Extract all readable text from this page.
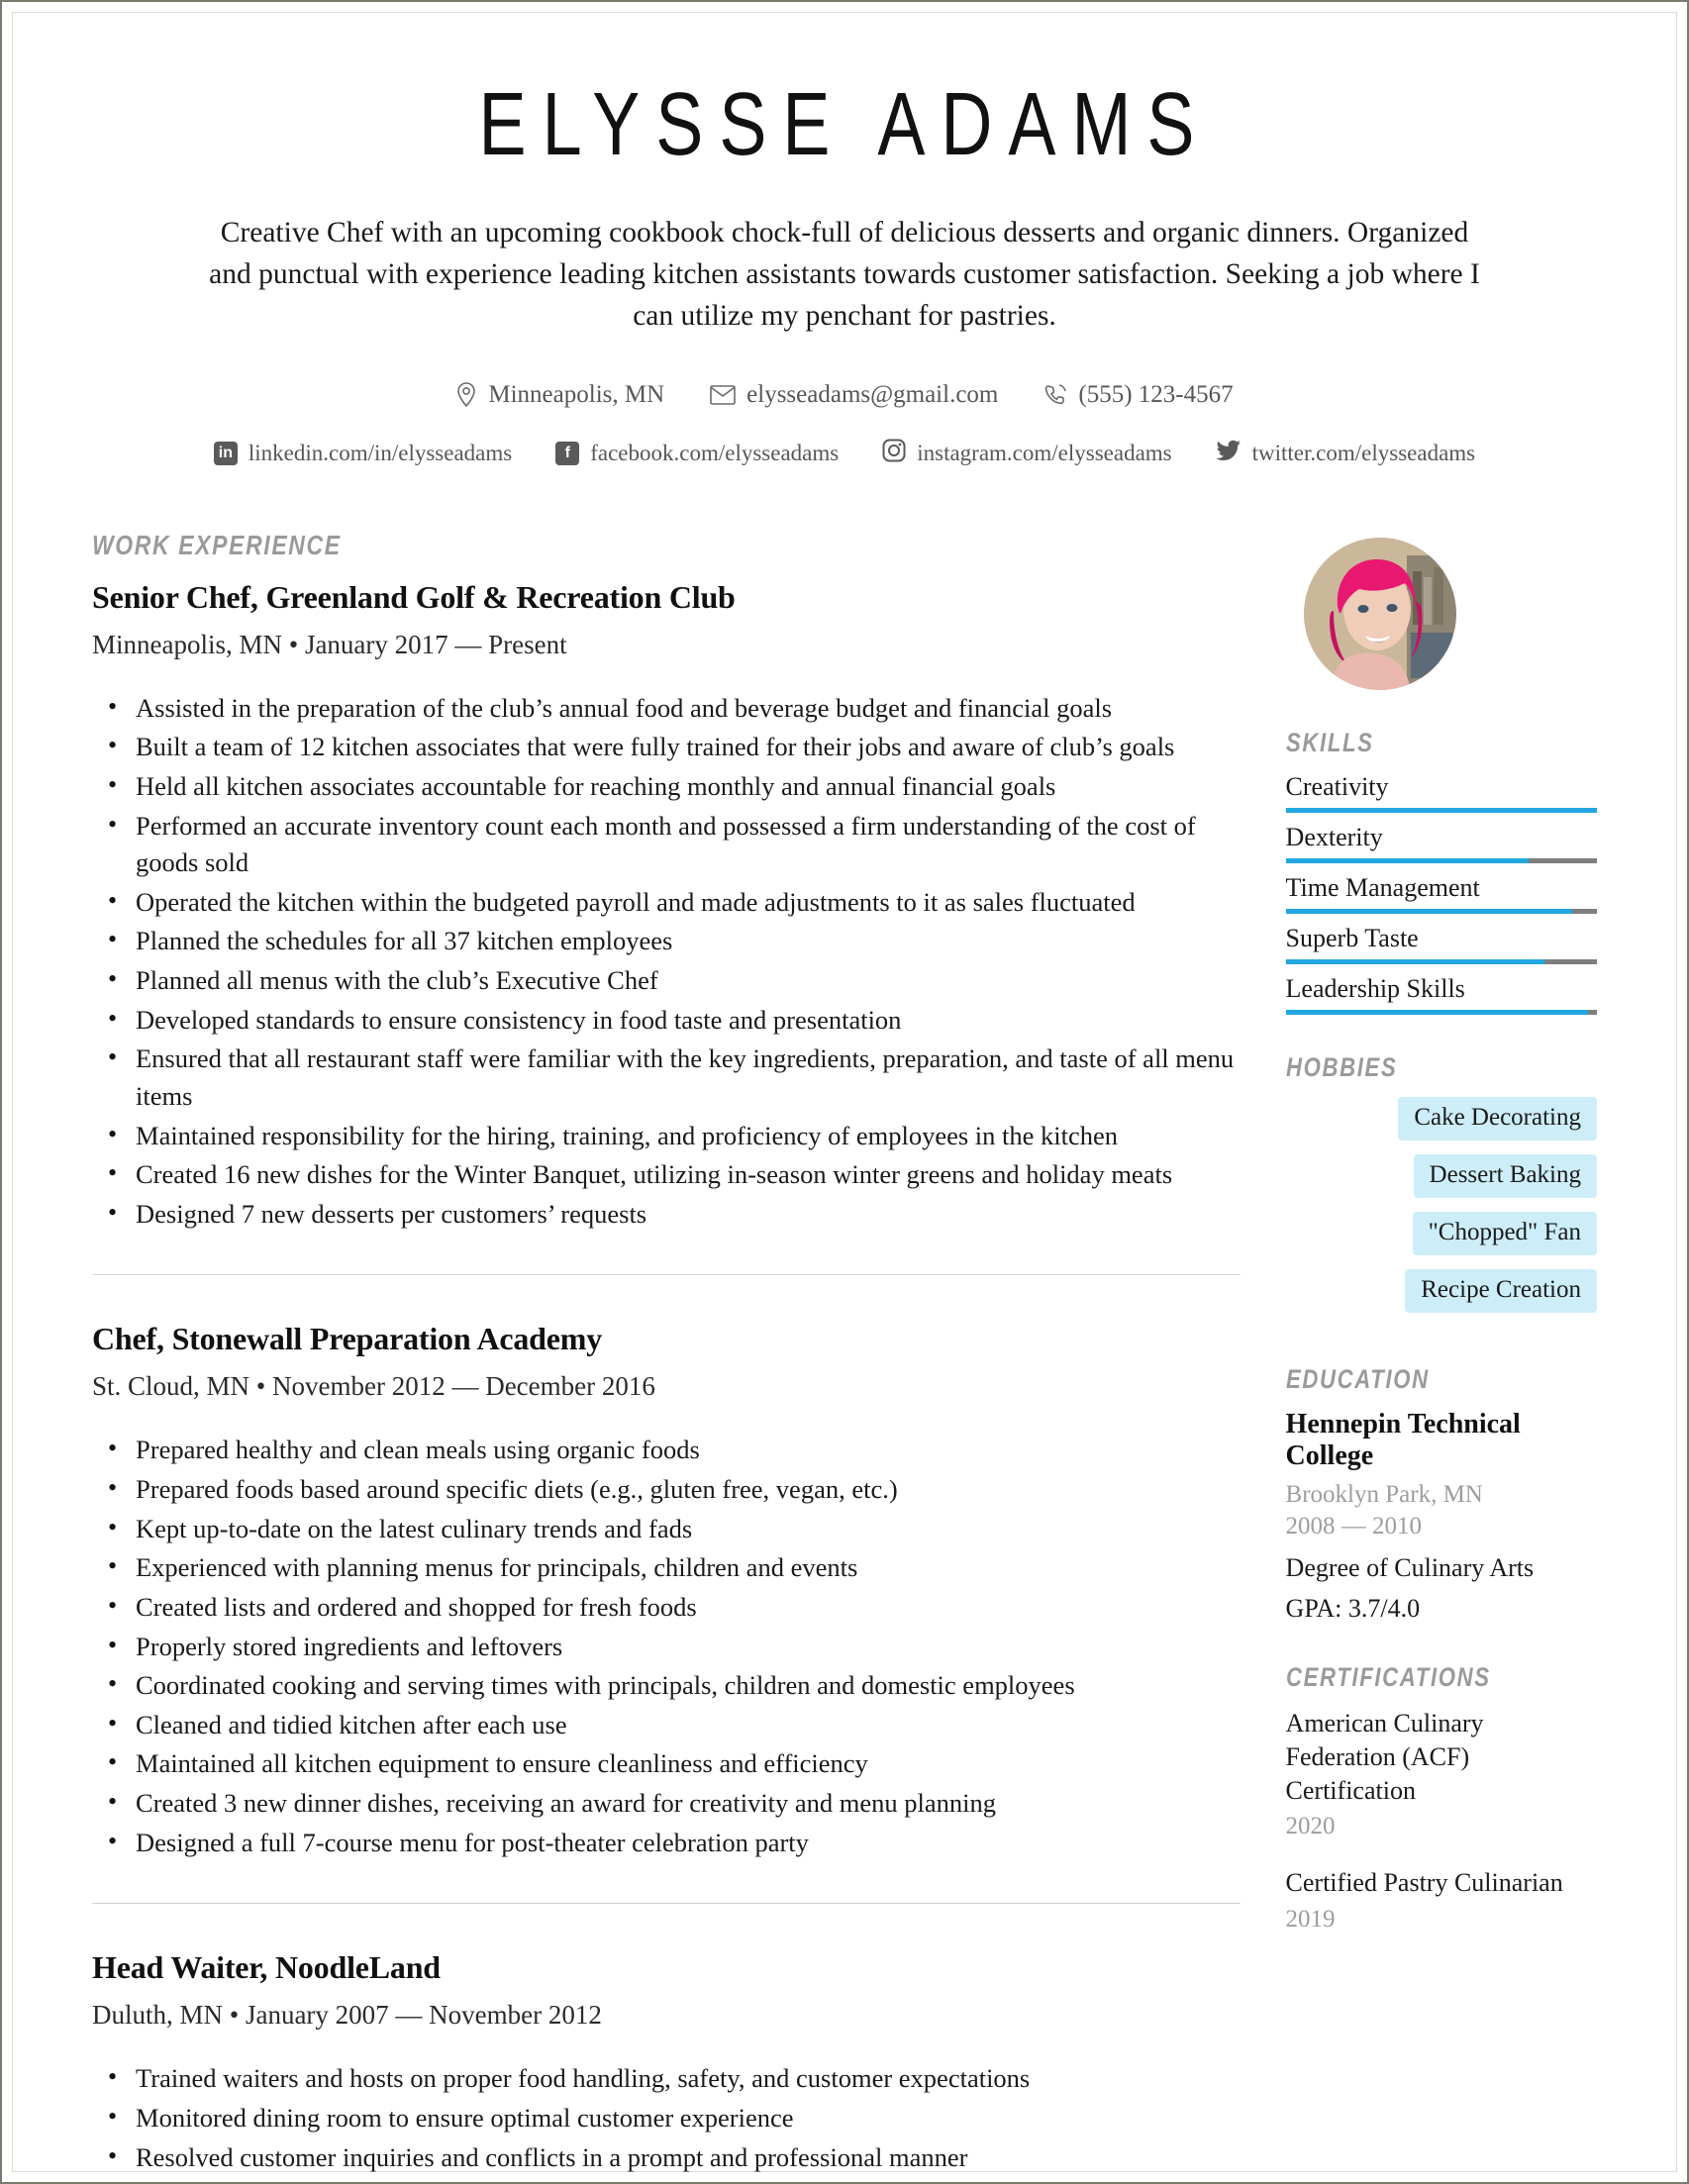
ELYSSE ADAMS
Creative Chef with an upcoming cookbook chock-full of delicious desserts and organic dinners. Organized and punctual with experience leading kitchen assistants towards customer satisfaction. Seeking a job where I can utilize my penchant for pastries.
Minneapolis, MN	elysseadams@gmail.com	(555) 123-4567
in linkedin.com/in/elysseadams	f facebook.com/elysseadams	instagram.com/elysseadams	twitter.com/elysseadams
WORK EXPERIENCE
Senior Chef, Greenland Golf & Recreation Club
Minneapolis, MN • January 2017 — Present
• Assisted in the preparation of the club’s annual food and beverage budget and financial goals
• Built a team of 12 kitchen associates that were fully trained for their jobs and aware of club’s goals
• Held all kitchen associates accountable for reaching monthly and annual financial goals
• Performed an accurate inventory count each month and possessed a firm understanding of the cost of goods sold
• Operated the kitchen within the budgeted payroll and made adjustments to it as sales fluctuated
• Planned the schedules for all 37 kitchen employees
• Planned all menus with the club’s Executive Chef
• Developed standards to ensure consistency in food taste and presentation
• Ensured that all restaurant staff were familiar with the key ingredients, preparation, and taste of all menu items
• Maintained responsibility for the hiring, training, and proficiency of employees in the kitchen
• Created 16 new dishes for the Winter Banquet, utilizing in-season winter greens and holiday meats
• Designed 7 new desserts per customers’ requests
Chef, Stonewall Preparation Academy
St. Cloud, MN • November 2012 — December 2016
• Prepared healthy and clean meals using organic foods
• Prepared foods based around specific diets (e.g., gluten free, vegan, etc.)
• Kept up-to-date on the latest culinary trends and fads
• Experienced with planning menus for principals, children and events
• Created lists and ordered and shopped for fresh foods
• Properly stored ingredients and leftovers
• Coordinated cooking and serving times with principals, children and domestic employees
• Cleaned and tidied kitchen after each use
• Maintained all kitchen equipment to ensure cleanliness and efficiency
• Created 3 new dinner dishes, receiving an award for creativity and menu planning
• Designed a full 7-course menu for post-theater celebration party
Head Waiter, NoodleLand
Duluth, MN • January 2007 — November 2012
• Trained waiters and hosts on proper food handling, safety, and customer expectations
• Monitored dining room to ensure optimal customer experience
• Resolved customer inquiries and conflicts in a prompt and professional manner
SKILLS
Creativity
Dexterity
Time Management
Superb Taste
Leadership Skills
HOBBIES
Cake Decorating
Dessert Baking
"Chopped" Fan
Recipe Creation
EDUCATION
Hennepin Technical College
Brooklyn Park, MN
2008 — 2010
Degree of Culinary Arts
GPA: 3.7/4.0
CERTIFICATIONS
American Culinary Federation (ACF) Certification
2020
Certified Pastry Culinarian
2019
